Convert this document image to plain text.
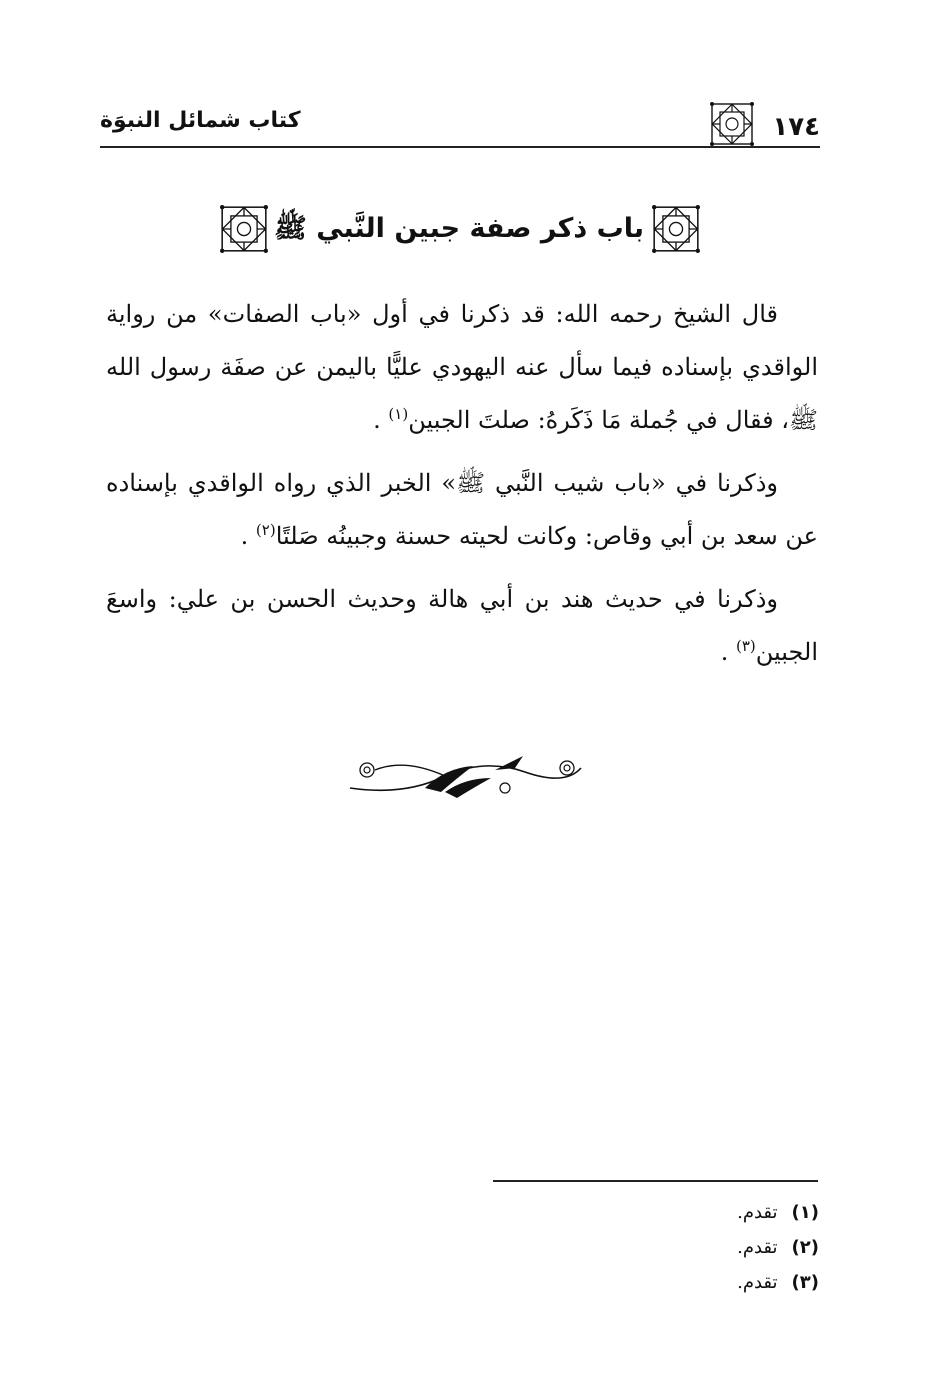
١٧٤
كتاب شمائل النبوَة
باب ذكر صفة جبين النَّبي ﷺ

قال الشيخ رحمه الله: قد ذكرنا في أول «باب الصفات» من رواية الواقدي بإسناده فيما سأل عنه اليهودي عليًّا باليمن عن صفَة رسول الله ﷺ، فقال في جُملة مَا ذَكَرهُ: صلتَ الجبين$^{(١)}$ .

وذكرنا في «باب شيب النَّبي ﷺ» الخبر الذي رواه الواقدي بإسناده عن سعد بن أبي وقاص: وكانت لحيته حسنة وجبينُه صَلتًا$^{(٢)}$ .

وذكرنا في حديث هند بن أبي هالة وحديث الحسن بن علي: واسعَ الجبين$^{(٣)}$ .

(١)تقدم.
(٢)تقدم.
(٣)تقدم.
